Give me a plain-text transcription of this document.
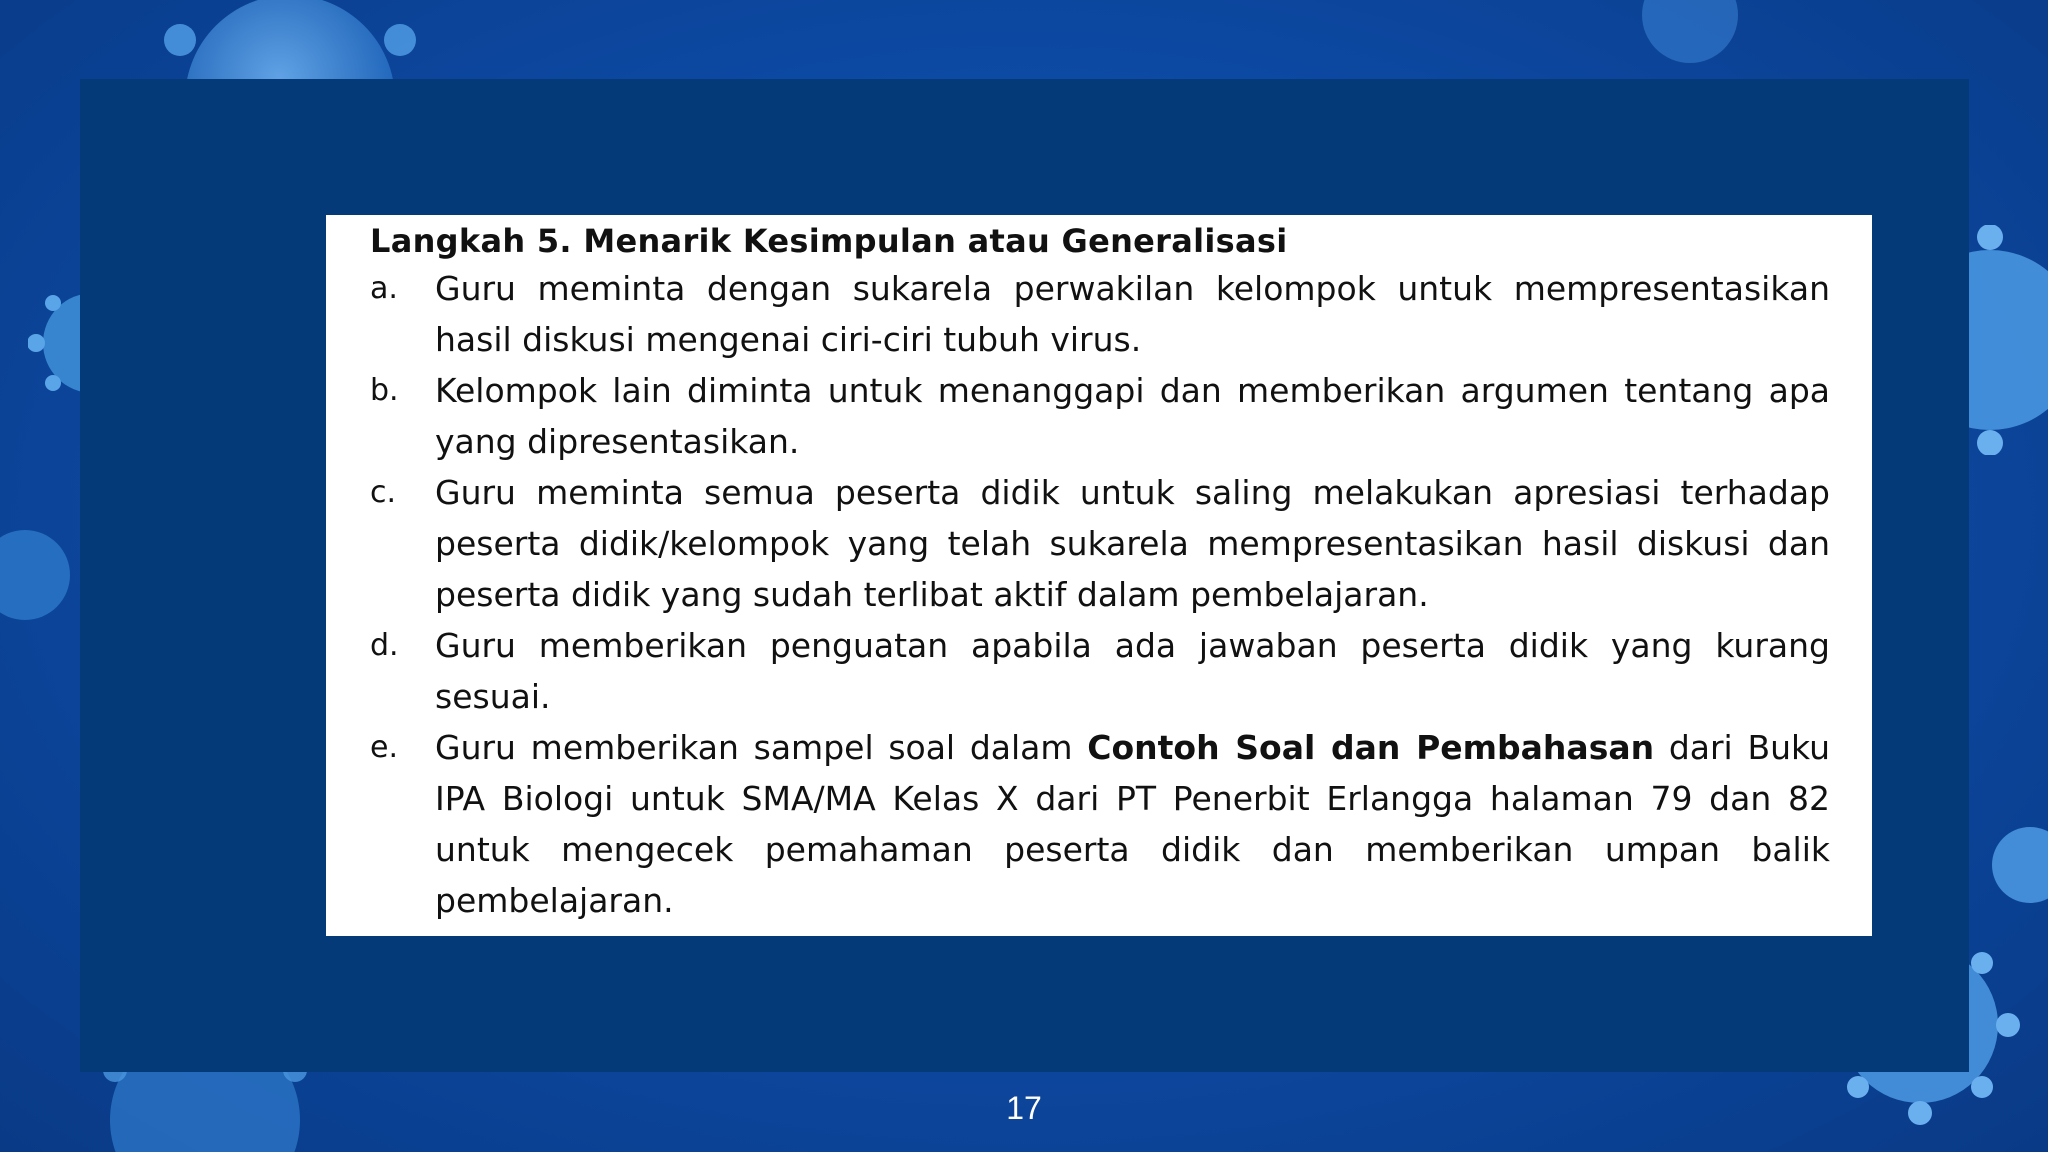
Langkah 5. Menarik Kesimpulan atau Generalisasi
a.	Guru meminta dengan sukarela perwakilan kelompok untuk mempresentasikan hasil diskusi mengenai ciri-ciri tubuh virus.
b.	Kelompok lain diminta untuk menanggapi dan memberikan argumen tentang apa yang dipresentasikan.
c.	Guru meminta semua peserta didik untuk saling melakukan apresiasi terhadap peserta didik/kelompok yang telah sukarela mempresentasikan hasil diskusi dan peserta didik yang sudah terlibat aktif dalam pembelajaran.
d.	Guru memberikan penguatan apabila ada jawaban peserta didik yang kurang sesuai.
e.	Guru memberikan sampel soal dalam Contoh Soal dan Pembahasan dari Buku IPA Biologi untuk SMA/MA Kelas X dari PT Penerbit Erlangga halaman 79 dan 82 untuk mengecek pemahaman peserta didik dan memberikan umpan balik pembelajaran.
17
